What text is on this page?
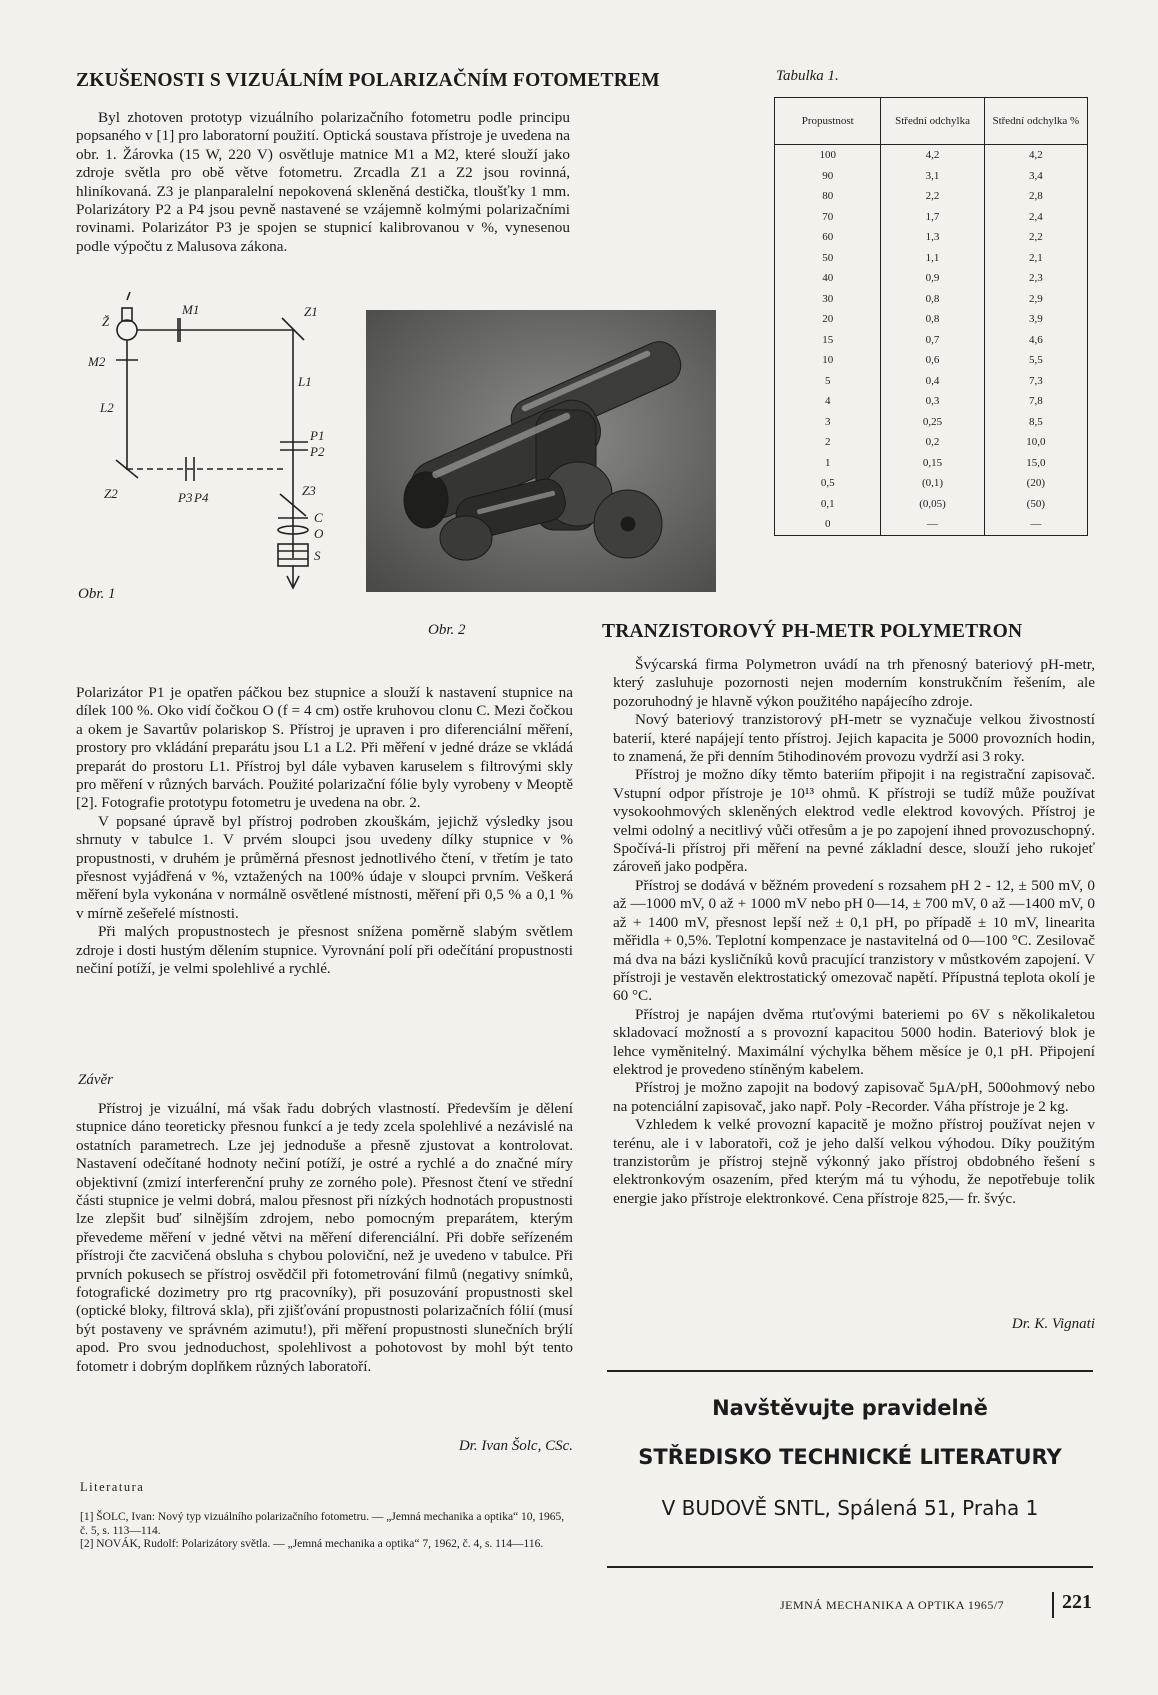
ZKUŠENOSTI S VIZUÁLNÍM POLARIZAČNÍM FOTOMETREM

Byl zhotoven prototyp vizuálního polarizačního fotometru podle principu popsaného v [1] pro laboratorní použití. Optická soustava přístroje je uvedena na obr. 1. Žárovka (15 W, 220 V) osvětluje matnice M1 a M2, které slouží jako zdroje světla pro obě větve fotometru. Zrcadla Z1 a Z2 jsou rovinná, hliníkovaná. Z3 je planparalelní nepokovená skleněná destička, tloušťky 1 mm. Polarizátory P2 a P4 jsou pevně nastavené se vzájemně kolmými polarizačními rovinami. Polarizátor P3 je spojen se stupnicí kalibrovanou v %, vynesenou podle výpočtu z Malusova zákona.

Ž
M1	Z1
M2
L1
L2
P1
P2
Z3
Z2	P3 P4
C
O
S
Obr. 1
Obr. 2

Polarizátor P1 je opatřen páčkou bez stupnice a slouží k nastavení stupnice na dílek 100 %. Oko vidí čočkou O (f = 4 cm) ostře kruhovou clonu C. Mezi čočkou a okem je Savartův polariskop S. Přístroj je upraven i pro diferenciální měření, prostory pro vkládání preparátu jsou L1 a L2. Při měření v jedné dráze se vkládá preparát do prostoru L1. Přístroj byl dále vybaven karuselem s filtrovými skly pro měření v různých barvách. Použité polarizační fólie byly vyrobeny v Meoptě [2]. Fotografie prototypu fotometru je uvedena na obr. 2.

V popsané úpravě byl přístroj podroben zkouškám, jejichž výsledky jsou shrnuty v tabulce 1. V prvém sloupci jsou uvedeny dílky stupnice v % propustnosti, v druhém je průměrná přesnost jednotlivého čtení, v třetím je tato přesnost vyjádřená v %, vztažených na 100% údaje v sloupci prvním. Veškerá měření byla vykonána v normálně osvětlené místnosti, měření při 0,5 % a 0,1 % v mírně zešeřelé místnosti.

Při malých propustnostech je přesnost snížena poměrně slabým světlem zdroje i dosti hustým dělením stupnice. Vyrovnání polí při odečítání propustnosti nečiní potíží, je velmi spolehlivé a rychlé.

Závěr

Přístroj je vizuální, má však řadu dobrých vlastností. Především je dělení stupnice dáno teoreticky přesnou funkcí a je tedy zcela spolehlivé a nezávislé na ostatních parametrech. Lze jej jednoduše a přesně zjustovat a kontrolovat. Nastavení odečítané hodnoty nečiní potíží, je ostré a rychlé a do značné míry objektivní (zmizí interferenční pruhy ze zorného pole). Přesnost čtení ve střední části stupnice je velmi dobrá, malou přesnost při nízkých hodnotách propustnosti lze zlepšit buď silnějším zdrojem, nebo pomocným preparátem, kterým převedeme měření v jedné větvi na měření diferenciální. Při dobře seřízeném přístroji čte zacvičená obsluha s chybou poloviční, než je uvedeno v tabulce. Při prvních pokusech se přístroj osvědčil při fotometrování filmů (negativy snímků, fotografické dozimetry pro rtg pracovníky), při posuzování propustnosti skel (optické bloky, filtrová skla), při zjišťování propustnosti polarizačních fólií (musí být postaveny ve správném azimutu!), při měření propustnosti slunečních brýlí apod. Pro svou jednoduchost, spolehlivost a pohotovost by mohl být tento fotometr i dobrým doplňkem různých laboratoří.

Dr. Ivan Šolc, CSc.
Literatura
[1] ŠOLC, Ivan: Nový typ vizuálního polarizačního fotometru. — „Jemná mechanika a optika“ 10, 1965, č. 5, s. 113—114.
[2] NOVÁK, Rudolf: Polarizátory světla. — „Jemná mechanika a optika“ 7, 1962, č. 4, s. 114—116.
Tabulka 1.
Propustnost	Střední odchylka	Střední odchylka %
100	4,2	4,2
90	3,1	3,4
80	2,2	2,8
70	1,7	2,4
60	1,3	2,2
50	1,1	2,1
40	0,9	2,3
30	0,8	2,9
20	0,8	3,9
15	0,7	4,6
10	0,6	5,5
5	0,4	7,3
4	0,3	7,8
3	0,25	8,5
2	0,2	10,0
1	0,15	15,0
0,5	(0,1)	(20)
0,1	(0,05)	(50)
0	—	—
TRANZISTOROVÝ PH-METR POLYMETRON

Švýcarská firma Polymetron uvádí na trh přenosný bateriový pH-metr, který zasluhuje pozornosti nejen moderním konstrukčním řešením, ale pozoruhodný je hlavně výkon použitého napájecího zdroje.

Nový bateriový tranzistorový pH-metr se vyznačuje velkou živostností baterií, které napájejí tento přístroj. Jejich kapacita je 5000 provozních hodin, to znamená, že při denním 5tihodinovém provozu vydrží asi 3 roky.

Přístroj je možno díky těmto bateriím připojit i na registrační zapisovač. Vstupní odpor přístroje je 10¹³ ohmů. K přístroji se tudíž může používat vysokoohmových skleněných elektrod vedle elektrod kovových. Přístroj je velmi odolný a necitlivý vůči otřesům a je po zapojení ihned provozuschopný. Spočívá-li přístroj při měření na pevné základní desce, slouží jeho rukojeť zároveň jako podpěra.

Přístroj se dodává v běžném provedení s rozsahem pH 2 - 12, ± 500 mV, 0 až —1000 mV, 0 až + 1000 mV nebo pH 0—14, ± 700 mV, 0 až —1400 mV, 0 až + 1400 mV, přesnost lepší než ± 0,1 pH, po případě ± 10 mV, linearita měřidla + 0,5%. Teplotní kompenzace je nastavitelná od 0—100 °C. Zesilovač má dva na bázi kysličníků kovů pracující tranzistory v můstkovém zapojení. V přístroji je vestavěn elektrostatický omezovač napětí. Přípustná teplota okolí je 60 °C.

Přístroj je napájen dvěma rtuťovými bateriemi po 6V s několikaletou skladovací možností a s provozní kapacitou 5000 hodin. Bateriový blok je lehce vyměnitelný. Maximální výchylka během měsíce je 0,1 pH. Připojení elektrod je provedeno stíněným kabelem.

Přístroj je možno zapojit na bodový zapisovač 5μA/pH, 500ohmový nebo na potenciální zapisovač, jako např. Poly -Recorder. Váha přístroje je 2 kg.

Vzhledem k velké provozní kapacitě je možno přístroj používat nejen v terénu, ale i v laboratoři, což je jeho další velkou výhodou. Díky použitým tranzistorům je přístroj stejně výkonný jako přístroj obdobného řešení s elektronkovým osazením, před kterým má tu výhodu, že nepotřebuje tolik energie jako přístroje elektronkové. Cena přístroje 825,— fr. švýc.

Dr. K. Vignati
Navštěvujte pravidelně
STŘEDISKO TECHNICKÉ LITERATURY
V BUDOVĚ SNTL, Spálená 51, Praha 1
JEMNÁ MECHANIKA A OPTIKA 1965/7	221
